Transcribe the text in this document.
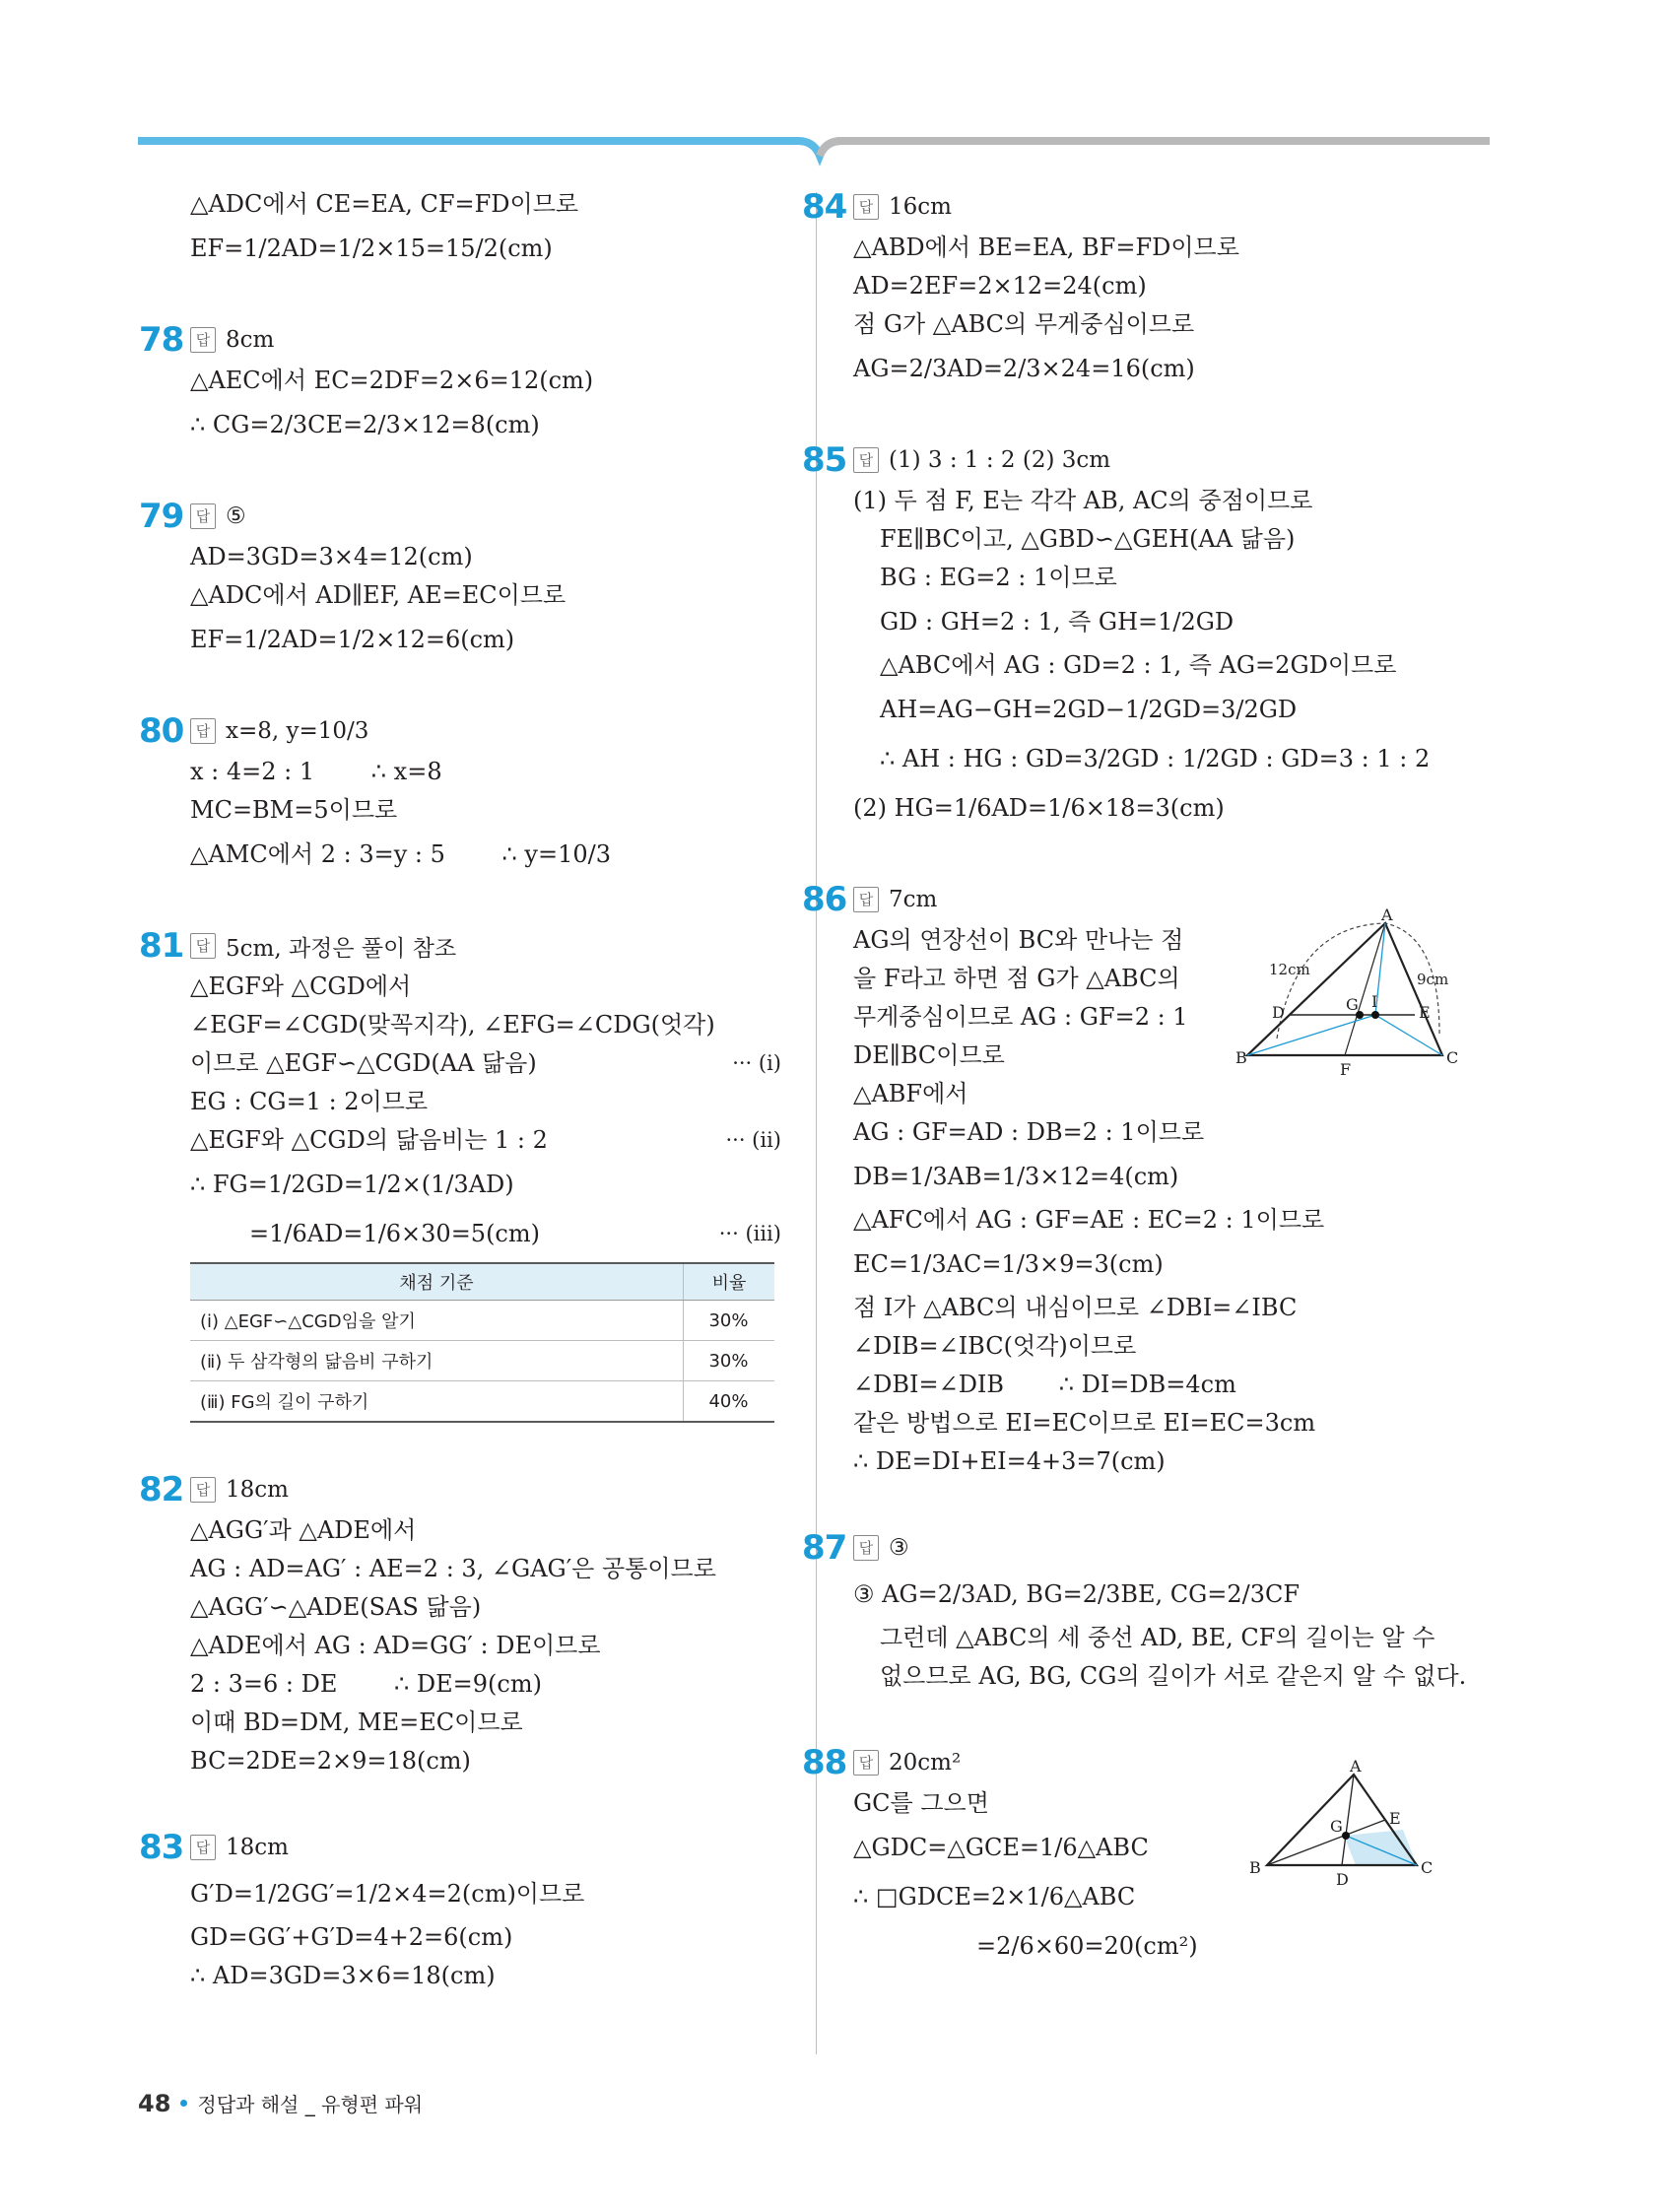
△ADC에서 CE=EA, CF=FD이므로
EF=1/2AD=1/2×15=15/2(cm)
78 답 8cm
△AEC에서 EC=2DF=2×6=12(cm)
∴ CG=2/3CE=2/3×12=8(cm)
79 답 ⑤
AD=3GD=3×4=12(cm)
△ADC에서 AD∥EF, AE=EC이므로
EF=1/2AD=1/2×12=6(cm)
80 답 x=8, y=10/3
x : 4=2 : 1 ∴ x=8
MC=BM=5이므로
△AMC에서 2 : 3=y : 5 ∴ y=10/3
81 답 5cm, 과정은 풀이 참조
△EGF와 △CGD에서
∠EGF=∠CGD(맞꼭지각), ∠EFG=∠CDG(엇각)
이므로 △EGF∽△CGD(AA 닮음)	··· (ⅰ)
EG : CG=1 : 2이므로
△EGF와 △CGD의 닮음비는 1 : 2	··· (ⅱ)
∴ FG=1/2GD=1/2×(1/3AD)
=1/6AD=1/6×30=5(cm)	··· (ⅲ)
채점 기준	비율
(ⅰ) △EGF∽△CGD임을 알기	30%
(ⅱ) 두 삼각형의 닮음비 구하기	30%
(ⅲ) FG의 길이 구하기	40%
82 답 18cm
△AGG′과 △ADE에서
AG : AD=AG′ : AE=2 : 3, ∠GAG′은 공통이므로
△AGG′∽△ADE(SAS 닮음)
△ADE에서 AG : AD=GG′ : DE이므로
2 : 3=6 : DE ∴ DE=9(cm)
이때 BD=DM, ME=EC이므로
BC=2DE=2×9=18(cm)
83 답 18cm
G′D=1/2GG′=1/2×4=2(cm)이므로
GD=GG′+G′D=4+2=6(cm)
∴ AD=3GD=3×6=18(cm)
84 답 16cm
△ABD에서 BE=EA, BF=FD이므로
AD=2EF=2×12=24(cm)
점 G가 △ABC의 무게중심이므로
AG=2/3AD=2/3×24=16(cm)
85 답 (1) 3 : 1 : 2 (2) 3cm
(1) 두 점 F, E는 각각 AB, AC의 중점이므로
FE∥BC이고, △GBD∽△GEH(AA 닮음)
BG : EG=2 : 1이므로
GD : GH=2 : 1, 즉 GH=1/2GD
△ABC에서 AG : GD=2 : 1, 즉 AG=2GD이므로
AH=AG−GH=2GD−1/2GD=3/2GD
∴ AH : HG : GD=3/2GD : 1/2GD : GD=3 : 1 : 2
(2) HG=1/6AD=1/6×18=3(cm)
86 답 7cm
AG의 연장선이 BC와 만나는 점
을 F라고 하면 점 G가 △ABC의
무게중심이므로 AG : GF=2 : 1
DE∥BC이므로
△ABF에서
AG : GF=AD : DB=2 : 1이므로
DB=1/3AB=1/3×12=4(cm)
△AFC에서 AG : GF=AE : EC=2 : 1이므로
EC=1/3AC=1/3×9=3(cm)
점 I가 △ABC의 내심이므로 ∠DBI=∠IBC
∠DIB=∠IBC(엇각)이므로
∠DBI=∠DIB ∴ DI=DB=4cm
같은 방법으로 EI=EC이므로 EI=EC=3cm
∴ DE=DI+EI=4+3=7(cm)
A
B	C
D	E
F
G I
12cm
9cm
87 답 ③
③ AG=2/3AD, BG=2/3BE, CG=2/3CF
그런데 △ABC의 세 중선 AD, BE, CF의 길이는 알 수
없으므로 AG, BG, CG의 길이가 서로 같은지 알 수 없다.
88 답 20cm²
GC를 그으면
△GDC=△GCE=1/6△ABC
∴ □GDCE=2×1/6△ABC
=2/6×60=20(cm²)
A
B	C
D
E
G
48 정답과 해설 _ 유형편 파워
